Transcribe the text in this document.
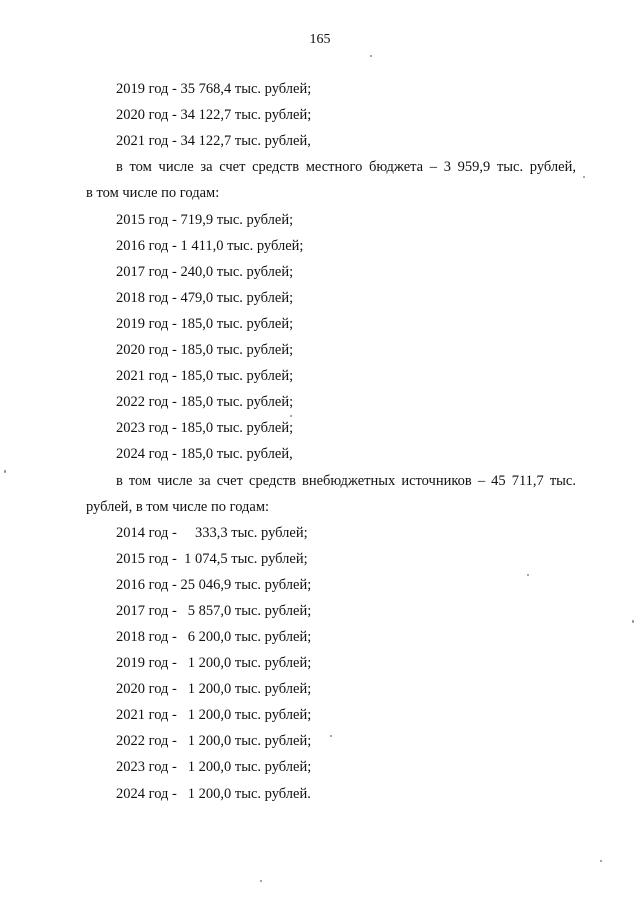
165
2019 год - 35 768,4 тыс. рублей;
2020 год - 34 122,7 тыс. рублей;
2021 год - 34 122,7 тыс. рублей,
в том числе за счет средств местного бюджета – 3 959,9 тыс. рублей,
в том числе по годам:
2015 год - 719,9 тыс. рублей;
2016 год - 1 411,0 тыс. рублей;
2017 год - 240,0 тыс. рублей;
2018 год - 479,0 тыс. рублей;
2019 год - 185,0 тыс. рублей;
2020 год - 185,0 тыс. рублей;
2021 год - 185,0 тыс. рублей;
2022 год - 185,0 тыс. рублей;
2023 год - 185,0 тыс. рублей;
2024 год - 185,0 тыс. рублей,
в том числе за счет средств внебюджетных источников – 45 711,7 тыс.
рублей, в том числе по годам:
2014 год -     333,3 тыс. рублей;
2015 год -  1 074,5 тыс. рублей;
2016 год - 25 046,9 тыс. рублей;
2017 год -   5 857,0 тыс. рублей;
2018 год -   6 200,0 тыс. рублей;
2019 год -   1 200,0 тыс. рублей;
2020 год -   1 200,0 тыс. рублей;
2021 год -   1 200,0 тыс. рублей;
2022 год -   1 200,0 тыс. рублей;
2023 год -   1 200,0 тыс. рублей;
2024 год -   1 200,0 тыс. рублей.
